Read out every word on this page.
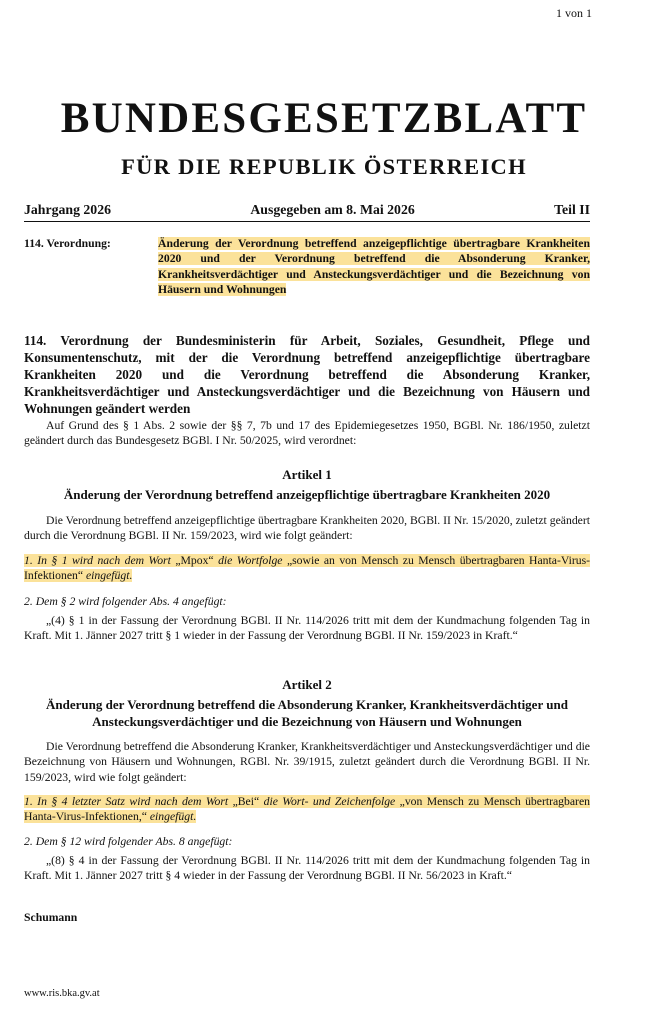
1 von 1
BUNDESGESETZBLATT
FÜR DIE REPUBLIK ÖSTERREICH
Jahrgang 2026	Ausgegeben am 8. Mai 2026	Teil II
114. Verordnung:	Änderung der Verordnung betreffend anzeigepflichtige übertragbare Krankheiten 2020 und der Verordnung betreffend die Absonderung Kranker, Krankheitsverdächtiger und Ansteckungsverdächtiger und die Bezeichnung von Häusern und Wohnungen
114. Verordnung der Bundesministerin für Arbeit, Soziales, Gesundheit, Pflege und Konsumentenschutz, mit der die Verordnung betreffend anzeigepflichtige übertragbare Krankheiten 2020 und die Verordnung betreffend die Absonderung Kranker, Krankheitsverdächtiger und Ansteckungsverdächtiger und die Bezeichnung von Häusern und Wohnungen geändert werden
Auf Grund des § 1 Abs. 2 sowie der §§ 7, 7b und 17 des Epidemiegesetzes 1950, BGBl. Nr. 186/1950, zuletzt geändert durch das Bundesgesetz BGBl. I Nr. 50/2025, wird verordnet:
Artikel 1
Änderung der Verordnung betreffend anzeigepflichtige übertragbare Krankheiten 2020
Die Verordnung betreffend anzeigepflichtige übertragbare Krankheiten 2020, BGBl. II Nr. 15/2020, zuletzt geändert durch die Verordnung BGBl. II Nr. 159/2023, wird wie folgt geändert:
1. In § 1 wird nach dem Wort „Mpox“ die Wortfolge „sowie an von Mensch zu Mensch übertragbaren Hanta-Virus-Infektionen“ eingefügt.
2. Dem § 2 wird folgender Abs. 4 angefügt:
„(4) § 1 in der Fassung der Verordnung BGBl. II Nr. 114/2026 tritt mit dem der Kundmachung folgenden Tag in Kraft. Mit 1. Jänner 2027 tritt § 1 wieder in der Fassung der Verordnung BGBl. II Nr. 159/2023 in Kraft.“
Artikel 2
Änderung der Verordnung betreffend die Absonderung Kranker, Krankheitsverdächtiger und Ansteckungsverdächtiger und die Bezeichnung von Häusern und Wohnungen
Die Verordnung betreffend die Absonderung Kranker, Krankheitsverdächtiger und Ansteckungsverdächtiger und die Bezeichnung von Häusern und Wohnungen, RGBl. Nr. 39/1915, zuletzt geändert durch die Verordnung BGBl. II Nr. 159/2023, wird wie folgt geändert:
1. In § 4 letzter Satz wird nach dem Wort „Bei“ die Wort- und Zeichenfolge „von Mensch zu Mensch übertragbaren Hanta-Virus-Infektionen,“ eingefügt.
2. Dem § 12 wird folgender Abs. 8 angefügt:
„(8) § 4 in der Fassung der Verordnung BGBl. II Nr. 114/2026 tritt mit dem der Kundmachung folgenden Tag in Kraft. Mit 1. Jänner 2027 tritt § 4 wieder in der Fassung der Verordnung BGBl. II Nr. 56/2023 in Kraft.“
Schumann
www.ris.bka.gv.at
